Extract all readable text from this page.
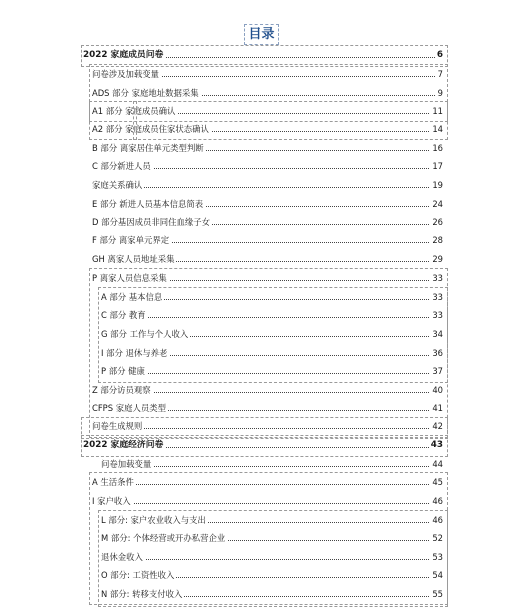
目录
2022 家庭成员问卷	6
问卷涉及加载变量	7
ADS 部分 家庭地址数据采集	9
A1 部分 家庭成员确认	11
A2 部分 家庭成员住家状态确认	14
B 部分 离家居住单元类型判断	16
C 部分新进人员	17
家庭关系确认	19
E 部分 新进人员基本信息简表	24
D 部分基因成员非同住血缘子女	26
F 部分 离家单元界定	28
GH 离家人员地址采集	29
P 离家人员信息采集	33
A 部分 基本信息	33
C 部分 教育	33
G 部分 工作与个人收入	34
I 部分 退休与养老	36
P 部分 健康	37
Z 部分访员观察	40
CFPS 家庭人员类型	41
问卷生成规则	42
2022 家庭经济问卷	43
问卷加载变量	44
A 生活条件	45
I 家户收入	46
L 部分: 家户农业收入与支出	46
M 部分: 个体经营或开办私营企业	52
退休金收入	53
O 部分: 工资性收入	54
N 部分: 转移支付收入	55
